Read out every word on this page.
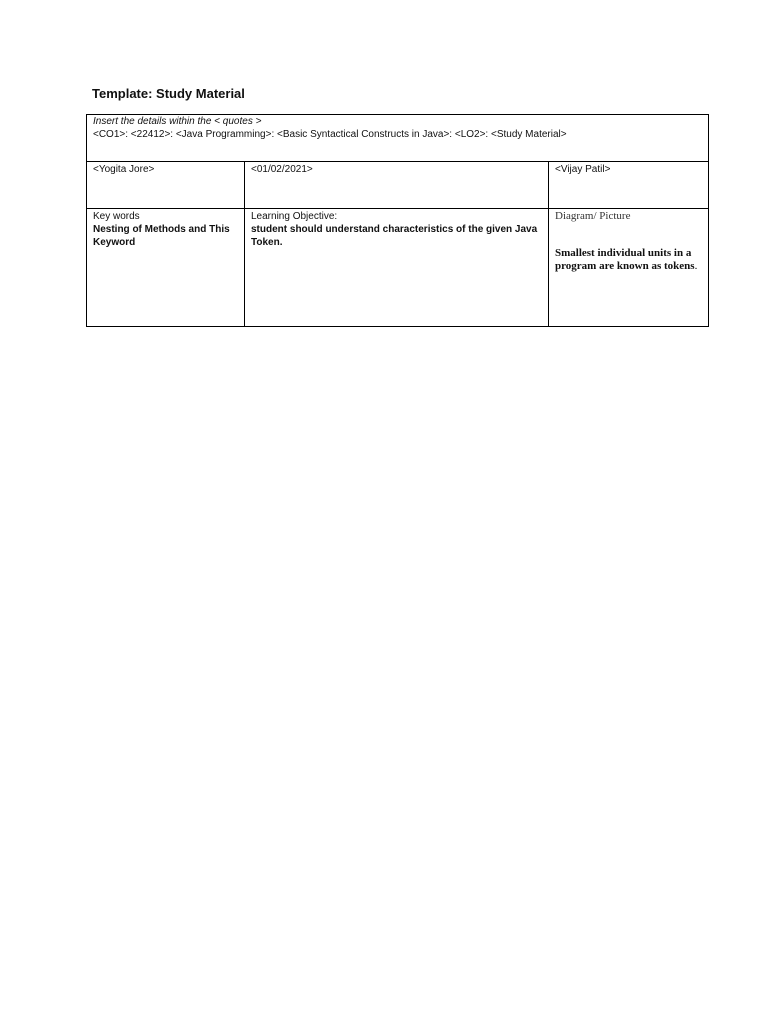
Template: Study Material
Insert the details within the < quotes >
<CO1>: <22412>: <Java Programming>: <Basic Syntactical Constructs in Java>: <LO2>: <Study Material>
<Yogita Jore>	<01/02/2021>	<Vijay Patil>
Key words
Nesting of Methods and This Keyword
Learning Objective:
student should understand characteristics of the given Java Token.
Diagram/ Picture
Smallest individual units in a program are known as tokens.
